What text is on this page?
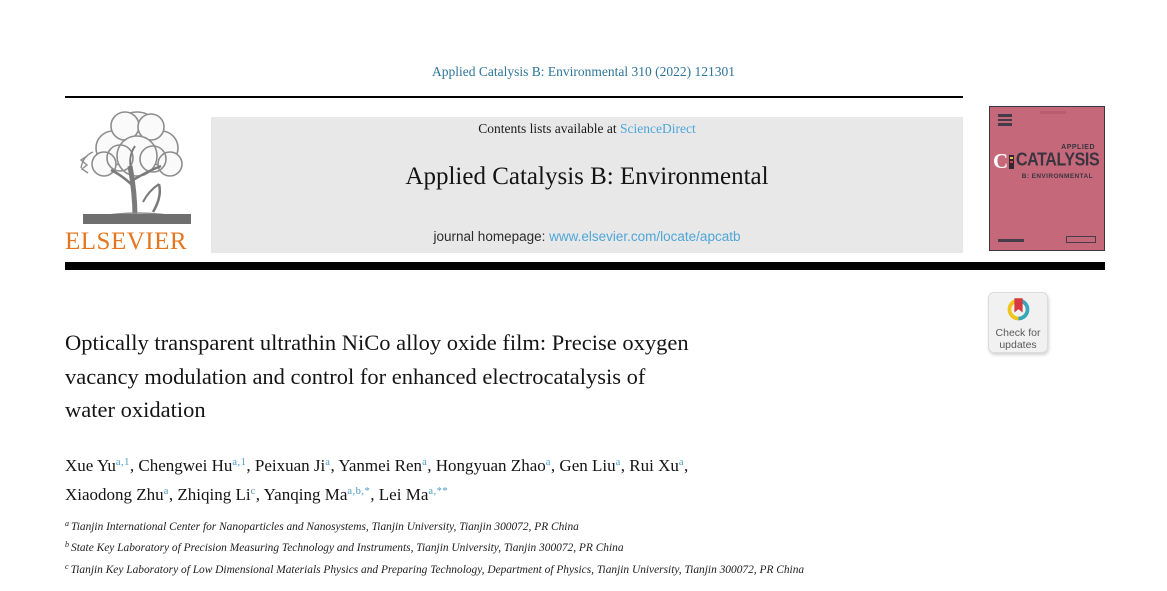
Applied Catalysis B: Environmental 310 (2022) 121301
ELSEVIER
Contents lists available at ScienceDirect
Applied Catalysis B: Environmental
journal homepage: www.elsevier.com/locate/apcatb
APPLIED
C CATALYSIS
B: ENVIRONMENTAL
Check for
updates
Optically transparent ultrathin NiCo alloy oxide film: Precise oxygen
vacancy modulation and control for enhanced electrocatalysis of
water oxidation
Xue Yu$^{a,1}$, Chengwei Hu$^{a,1}$, Peixuan Ji$^a$, Yanmei Ren$^a$, Hongyuan Zhao$^a$, Gen Liu$^a$, Rui Xu$^a$,
Xiaodong Zhu$^a$, Zhiqing Li$^c$, Yanqing $Ma^{a,b,*}$, Lei $Ma^{a,**}$
$^a$ Tianjin International Center for Nanoparticles and Nanosystems, Tianjin University, Tianjin 300072, PR China
$^b$ State Key Laboratory of Precision Measuring Technology and Instruments, Tianjin University, Tianjin 300072, PR China
$^c$ Tianjin Key Laboratory of Low Dimensional Materials Physics and Preparing Technology, Department of Physics, Tianjin University, Tianjin 300072, PR China
